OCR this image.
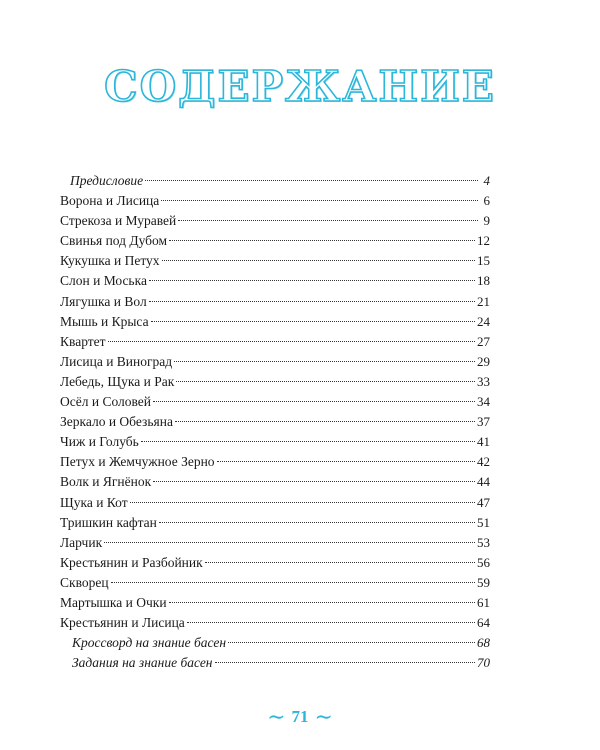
СОДЕРЖАНИЕ
Предисловие	4
Ворона и Лисица	6
Стрекоза и Муравей	9
Свинья под Дубом	12
Кукушка и Петух	15
Слон и Моська	18
Лягушка и Вол	21
Мышь и Крыса	24
Квартет	27
Лисица и Виноград	29
Лебедь, Щука и Рак	33
Осёл и Соловей	34
Зеркало и Обезьяна	37
Чиж и Голубь	41
Петух и Жемчужное Зерно	42
Волк и Ягнёнок	44
Щука и Кот	47
Тришкин кафтан	51
Ларчик	53
Крестьянин и Разбойник	56
Скворец	59
Мартышка и Очки	61
Крестьянин и Лисица	64
Кроссворд на знание басен	68
Задания на знание басен	70
∼ 71 ∼
